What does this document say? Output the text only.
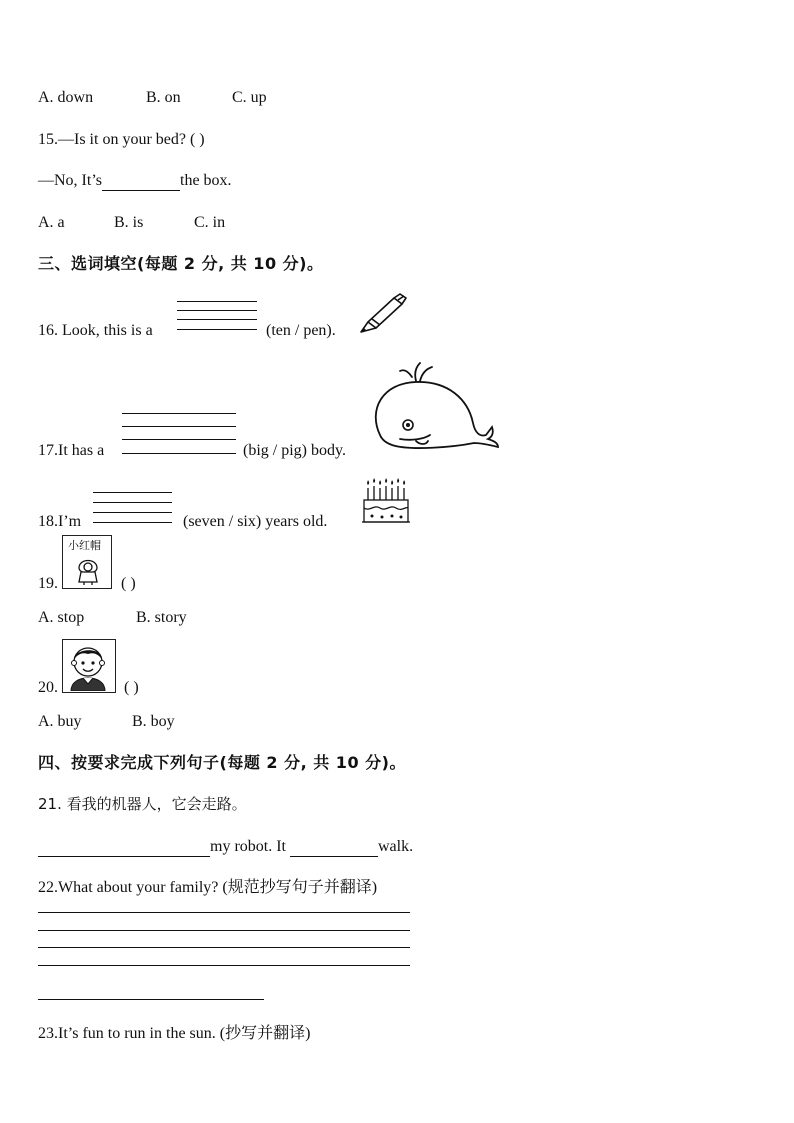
A. down	B. on	C. up
15.—Is it on your bed? ( )
—No, It’s	the box.
A. a	B. is	C. in
三、选词填空(每题 2 分, 共 10 分)。
16. Look, this is a	(ten / pen).
17.It has a	(big / pig) body.
18.I’m	(seven / six) years old.
小红帽
19.	( )
A. stop	B. story
20.	( )
A. buy	B. boy
四、按要求完成下列句子(每题 2 分, 共 10 分)。
21. 看我的机器人，它会走路。
my robot. It	walk.
22.What about your family? (规范抄写句子并翻译)
23.It’s fun to run in the sun. (抄写并翻译)
